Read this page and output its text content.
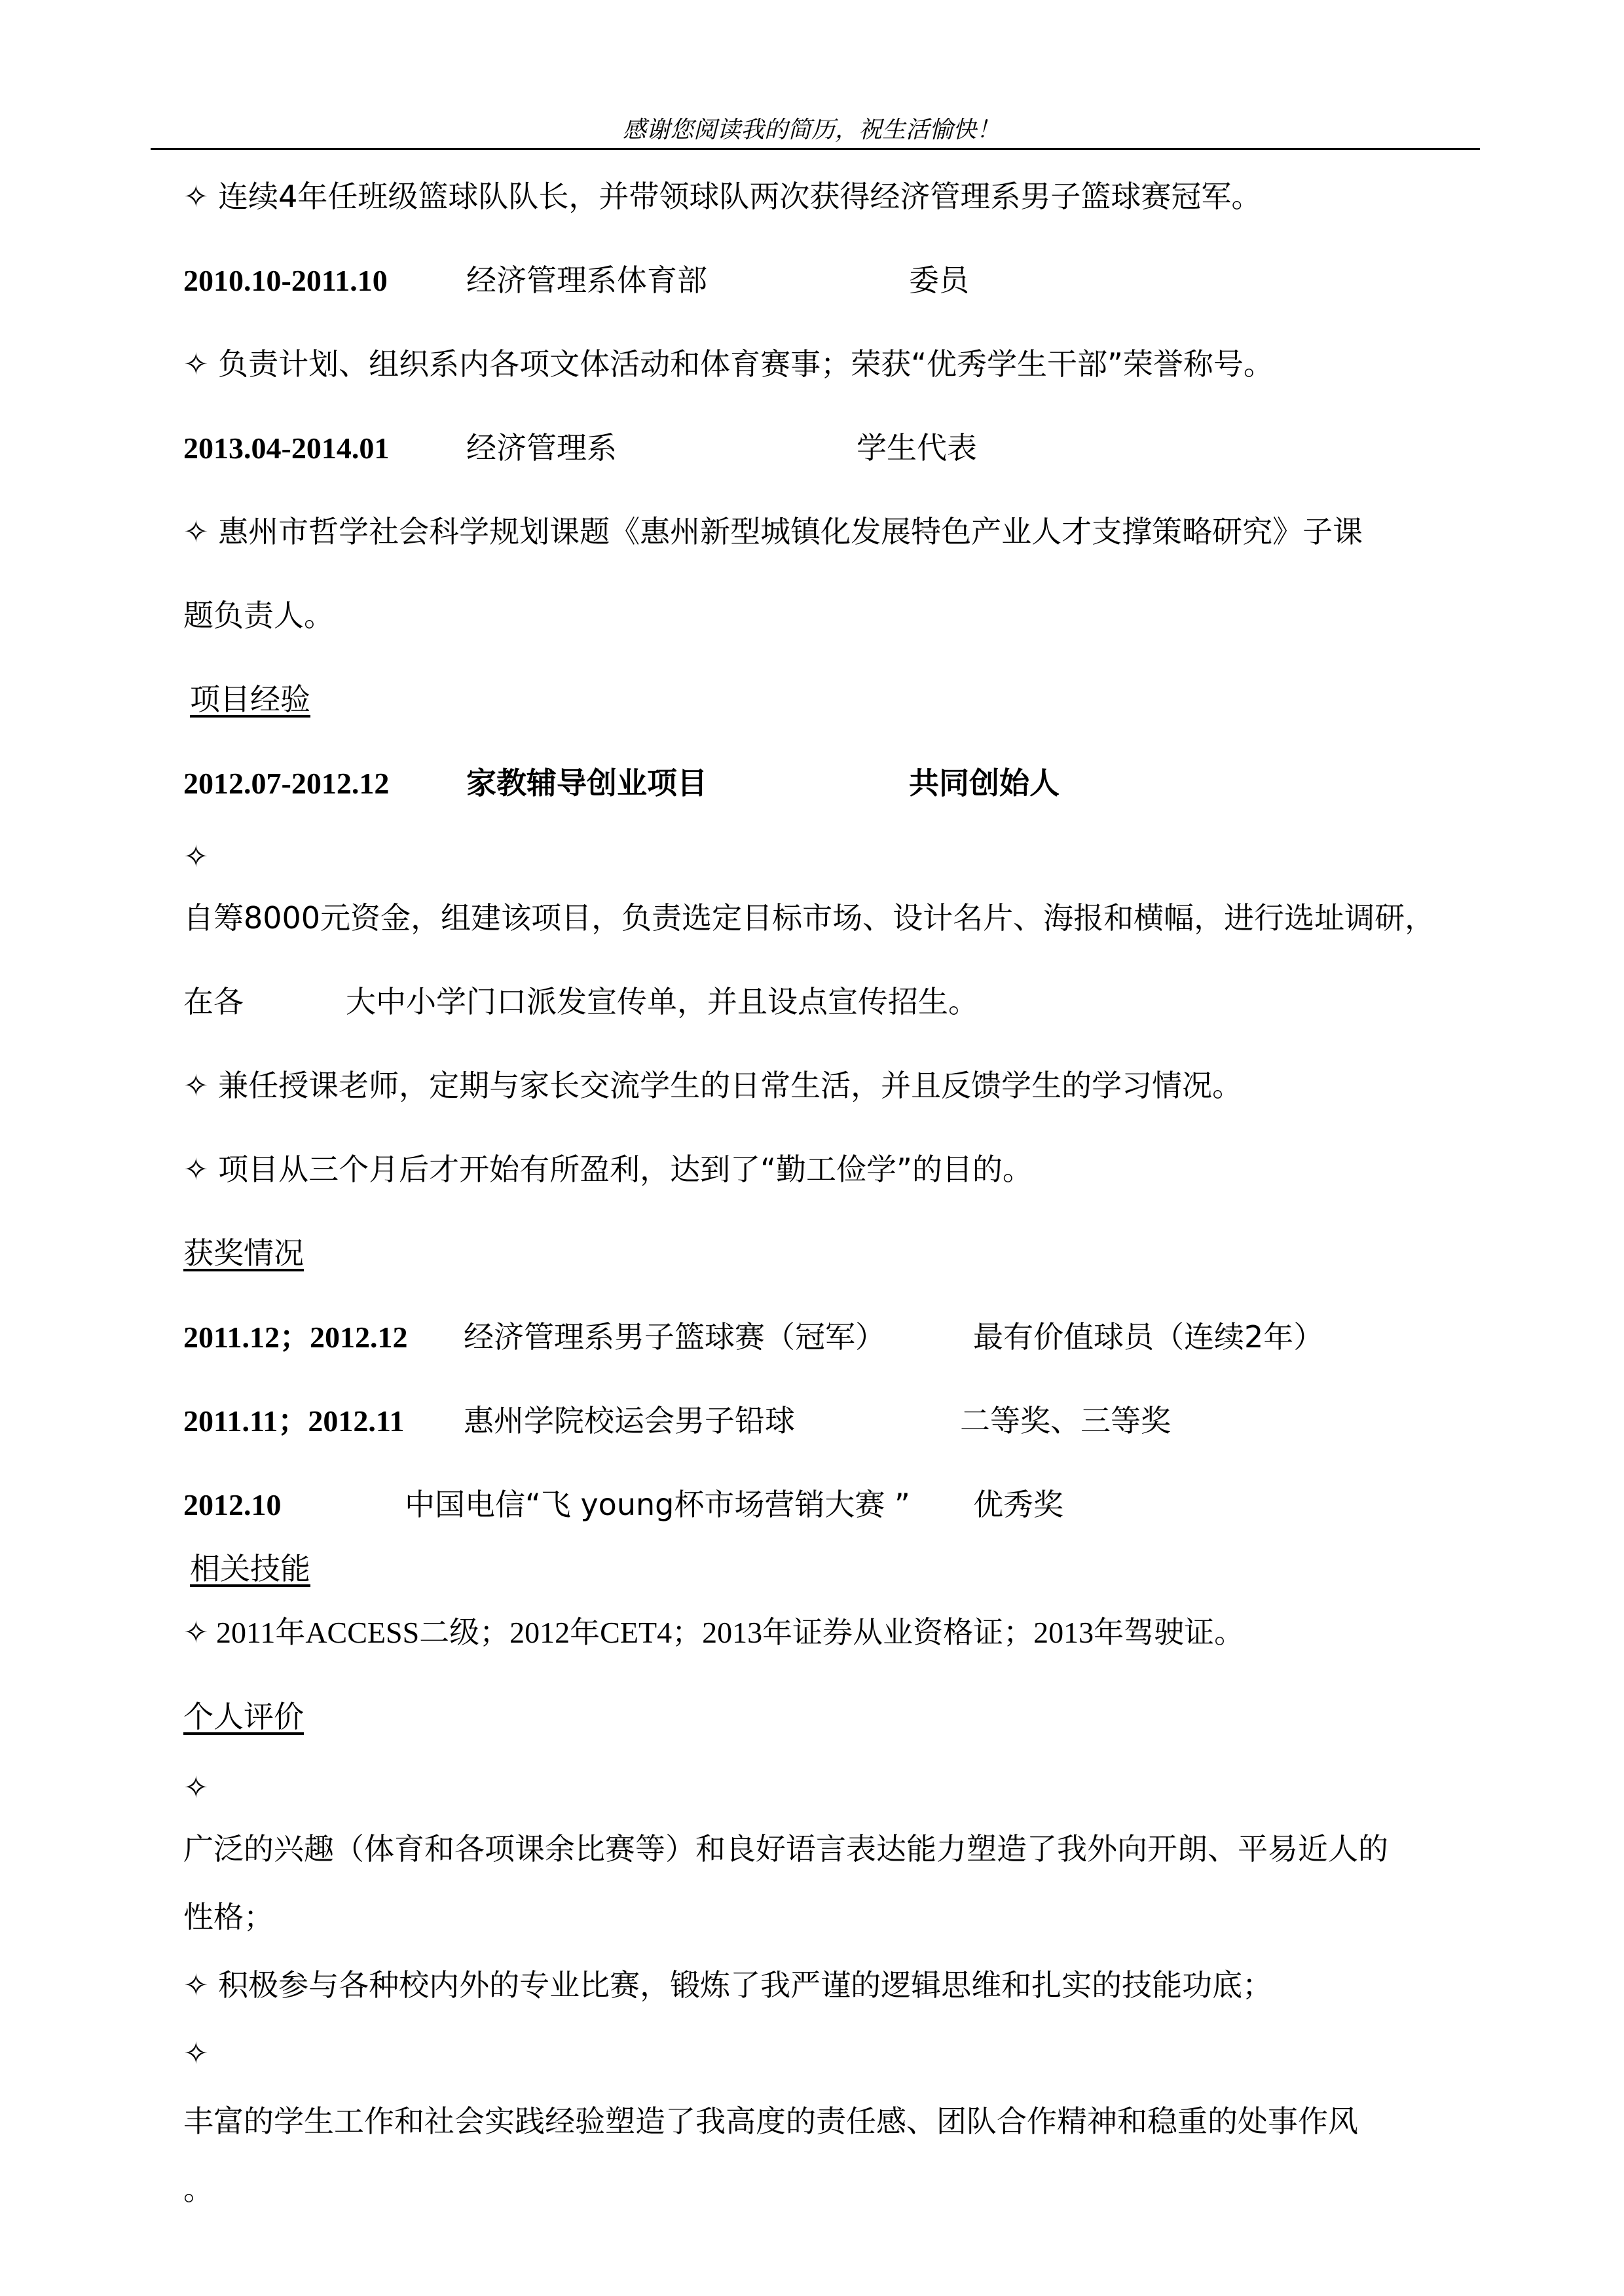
感谢您阅读我的简历，祝生活愉快！
✧ 连续4年任班级篮球队队长，并带领球队两次获得经济管理系男子篮球赛冠军。
2010.10-2011.10	经济管理系体育部	委员
✧ 负责计划、组织系内各项文体活动和体育赛事；荣获“优秀学生干部”荣誉称号。
2013.04-2014.01	经济管理系	学生代表
✧ 惠州市哲学社会科学规划课题《惠州新型城镇化发展特色产业人才支撑策略研究》子课
题负责人。
项目经验
2012.07-2012.12	家教辅导创业项目	共同创始人
✧
自筹8000元资金，组建该项目，负责选定目标市场、设计名片、海报和横幅，进行选址调研，
在各	大中小学门口派发宣传单，并且设点宣传招生。
✧ 兼任授课老师，定期与家长交流学生的日常生活，并且反馈学生的学习情况。
✧ 项目从三个月后才开始有所盈利，达到了“勤工俭学”的目的。
获奖情况
2011.12；2012.12 经济管理系男子篮球赛（冠军）	最有价值球员（连续2年）
2011.11；2012.11 惠州学院校运会男子铅球	二等奖、三等奖
2012.10	中国电信“飞 young杯市场营销大赛 ” 优秀奖
相关技能
✧ 2011年ACCESS二级；2012年CET4；2013年证券从业资格证；2013年驾驶证。
个人评价
✧
广泛的兴趣（体育和各项课余比赛等）和良好语言表达能力塑造了我外向开朗、平易近人的
性格；
✧ 积极参与各种校内外的专业比赛，锻炼了我严谨的逻辑思维和扎实的技能功底；
✧
丰富的学生工作和社会实践经验塑造了我高度的责任感、团队合作精神和稳重的处事作风
。
